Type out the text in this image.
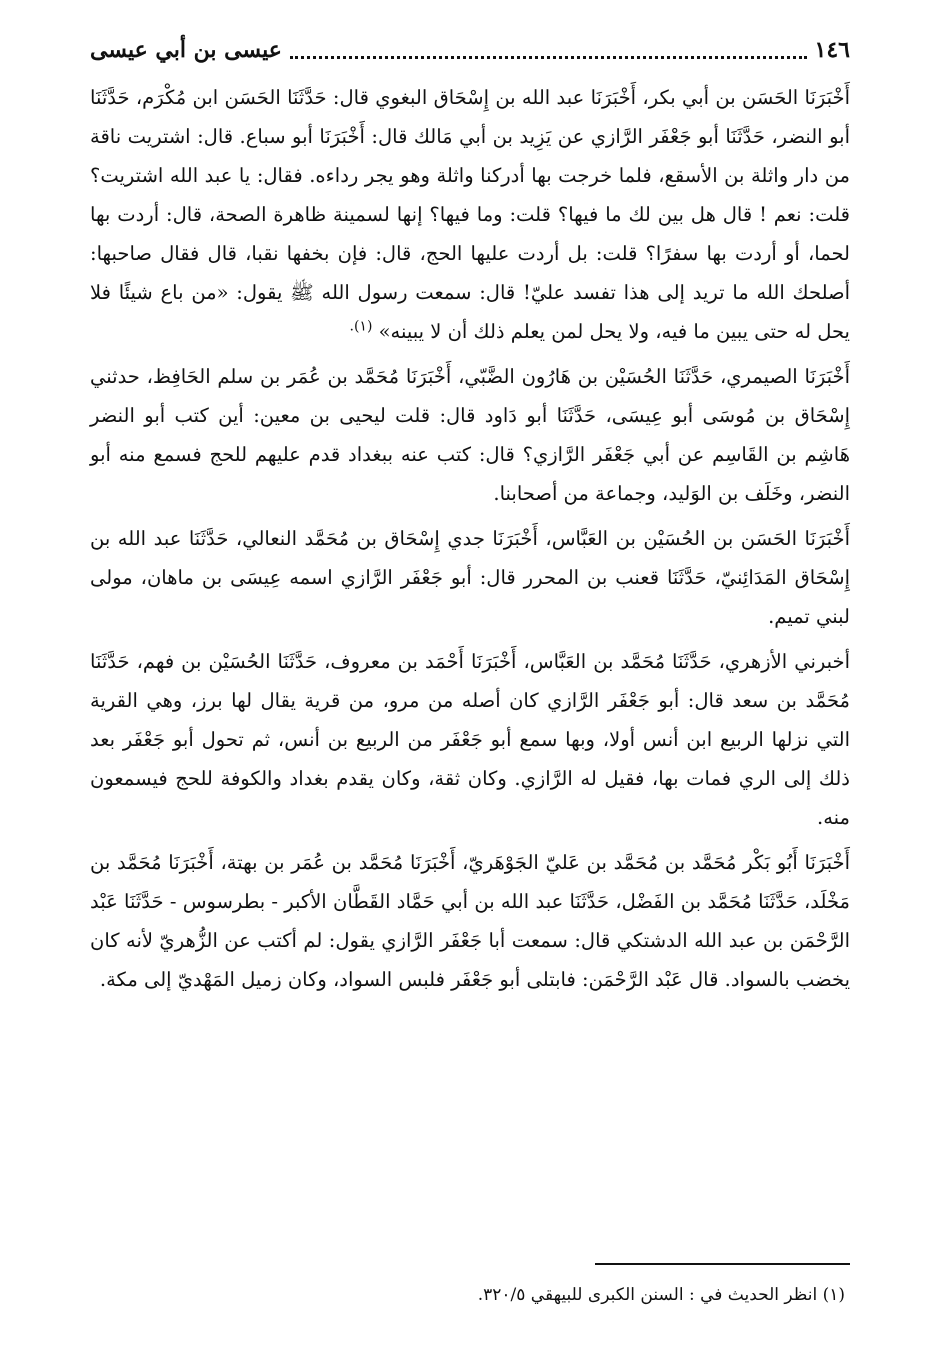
١٤٦
عيسى بن أبي عيسى

أَخْبَرَنَا الحَسَن بن أبي بكر، أَخْبَرَنَا عبد الله بن إِسْحَاق البغوي قال: حَدَّثَنَا الحَسَن ابن مُكْرَم، حَدَّثَنَا أبو النضر، حَدَّثَنَا أبو جَعْفَر الرَّازي عن يَزِيد بن أبي مَالك قال: أَخْبَرَنَا أبو سباع. قال: اشتريت ناقة من دار واثلة بن الأسقع، فلما خرجت بها أدركنا واثلة وهو يجر رداءه. فقال: يا عبد الله اشتريت؟ قلت: نعم ! قال هل بين لك ما فيها؟ قلت: وما فيها؟ إنها لسمينة ظاهرة الصحة، قال: أردت بها لحما، أو أردت بها سفرًا؟ قلت: بل أردت عليها الحج، قال: فإن بخفها نقبا، قال فقال صاحبها: أصلحك الله ما تريد إلى هذا تفسد عليّ! قال: سمعت رسول الله ﷺ يقول: «من باع شيئًا فلا يحل له حتى يبين ما فيه، ولا يحل لمن يعلم ذلك أن لا يبينه» $^{(١).}$

أَخْبَرَنَا الصيمري، حَدَّثَنَا الحُسَيْن بن هَارُون الضَّبّي، أَخْبَرَنَا مُحَمَّد بن عُمَر بن سلم الحَافِظ، حدثني إِسْحَاق بن مُوسَى أبو عِيسَى، حَدَّثَنَا أبو دَاود قال: قلت ليحيى بن معين: أين كتب أبو النضر هَاشِم بن القَاسِم عن أبي جَعْفَر الرَّازي؟ قال: كتب عنه ببغداد قدم عليهم للحج فسمع منه أبو النضر، وخَلَف بن الوَليد، وجماعة من أصحابنا.

أَخْبَرَنَا الحَسَن بن الحُسَيْن بن العَبَّاس، أَخْبَرَنَا جدي إِسْحَاق بن مُحَمَّد النعالي، حَدَّثَنَا عبد الله بن إِسْحَاق المَدَائِنيّ، حَدَّثَنَا قعنب بن المحرر قال: أبو جَعْفَر الرَّازي اسمه عِيسَى بن ماهان، مولى لبني تميم.

أخبرني الأزهري، حَدَّثَنَا مُحَمَّد بن العَبَّاس، أَخْبَرَنَا أَحْمَد بن معروف، حَدَّثَنَا الحُسَيْن بن فهم، حَدَّثَنَا مُحَمَّد بن سعد قال: أبو جَعْفَر الرَّازي كان أصله من مرو، من قرية يقال لها برز، وهي القرية التي نزلها الربيع ابن أنس أولا، وبها سمع أبو جَعْفَر من الربيع بن أنس، ثم تحول أبو جَعْفَر بعد ذلك إلى الري فمات بها، فقيل له الرَّازي. وكان ثقة، وكان يقدم بغداد والكوفة للحج فيسمعون منه.

أَخْبَرَنَا أَبُو بَكْر مُحَمَّد بن مُحَمَّد بن عَليّ الجَوْهَريّ، أَخْبَرَنَا مُحَمَّد بن عُمَر بن بهتة، أَخْبَرَنَا مُحَمَّد بن مَخْلَد، حَدَّثَنَا مُحَمَّد بن الفَضْل، حَدَّثَنَا عبد الله بن أبي حَمَّاد القَطَّان الأكبر - بطرسوس - حَدَّثَنَا عَبْد الرَّحْمَن بن عبد الله الدشتكي قال: سمعت أبا جَعْفَر الرَّازي يقول: لم أكتب عن الزُّهريّ لأنه كان يخضب بالسواد. قال عَبْد الرَّحْمَن: فابتلى أبو جَعْفَر فلبس السواد، وكان زميل المَهْديّ إلى مكة.

(١) انظر الحديث في : السنن الكبرى للبيهقي ٣٢٠/٥.
